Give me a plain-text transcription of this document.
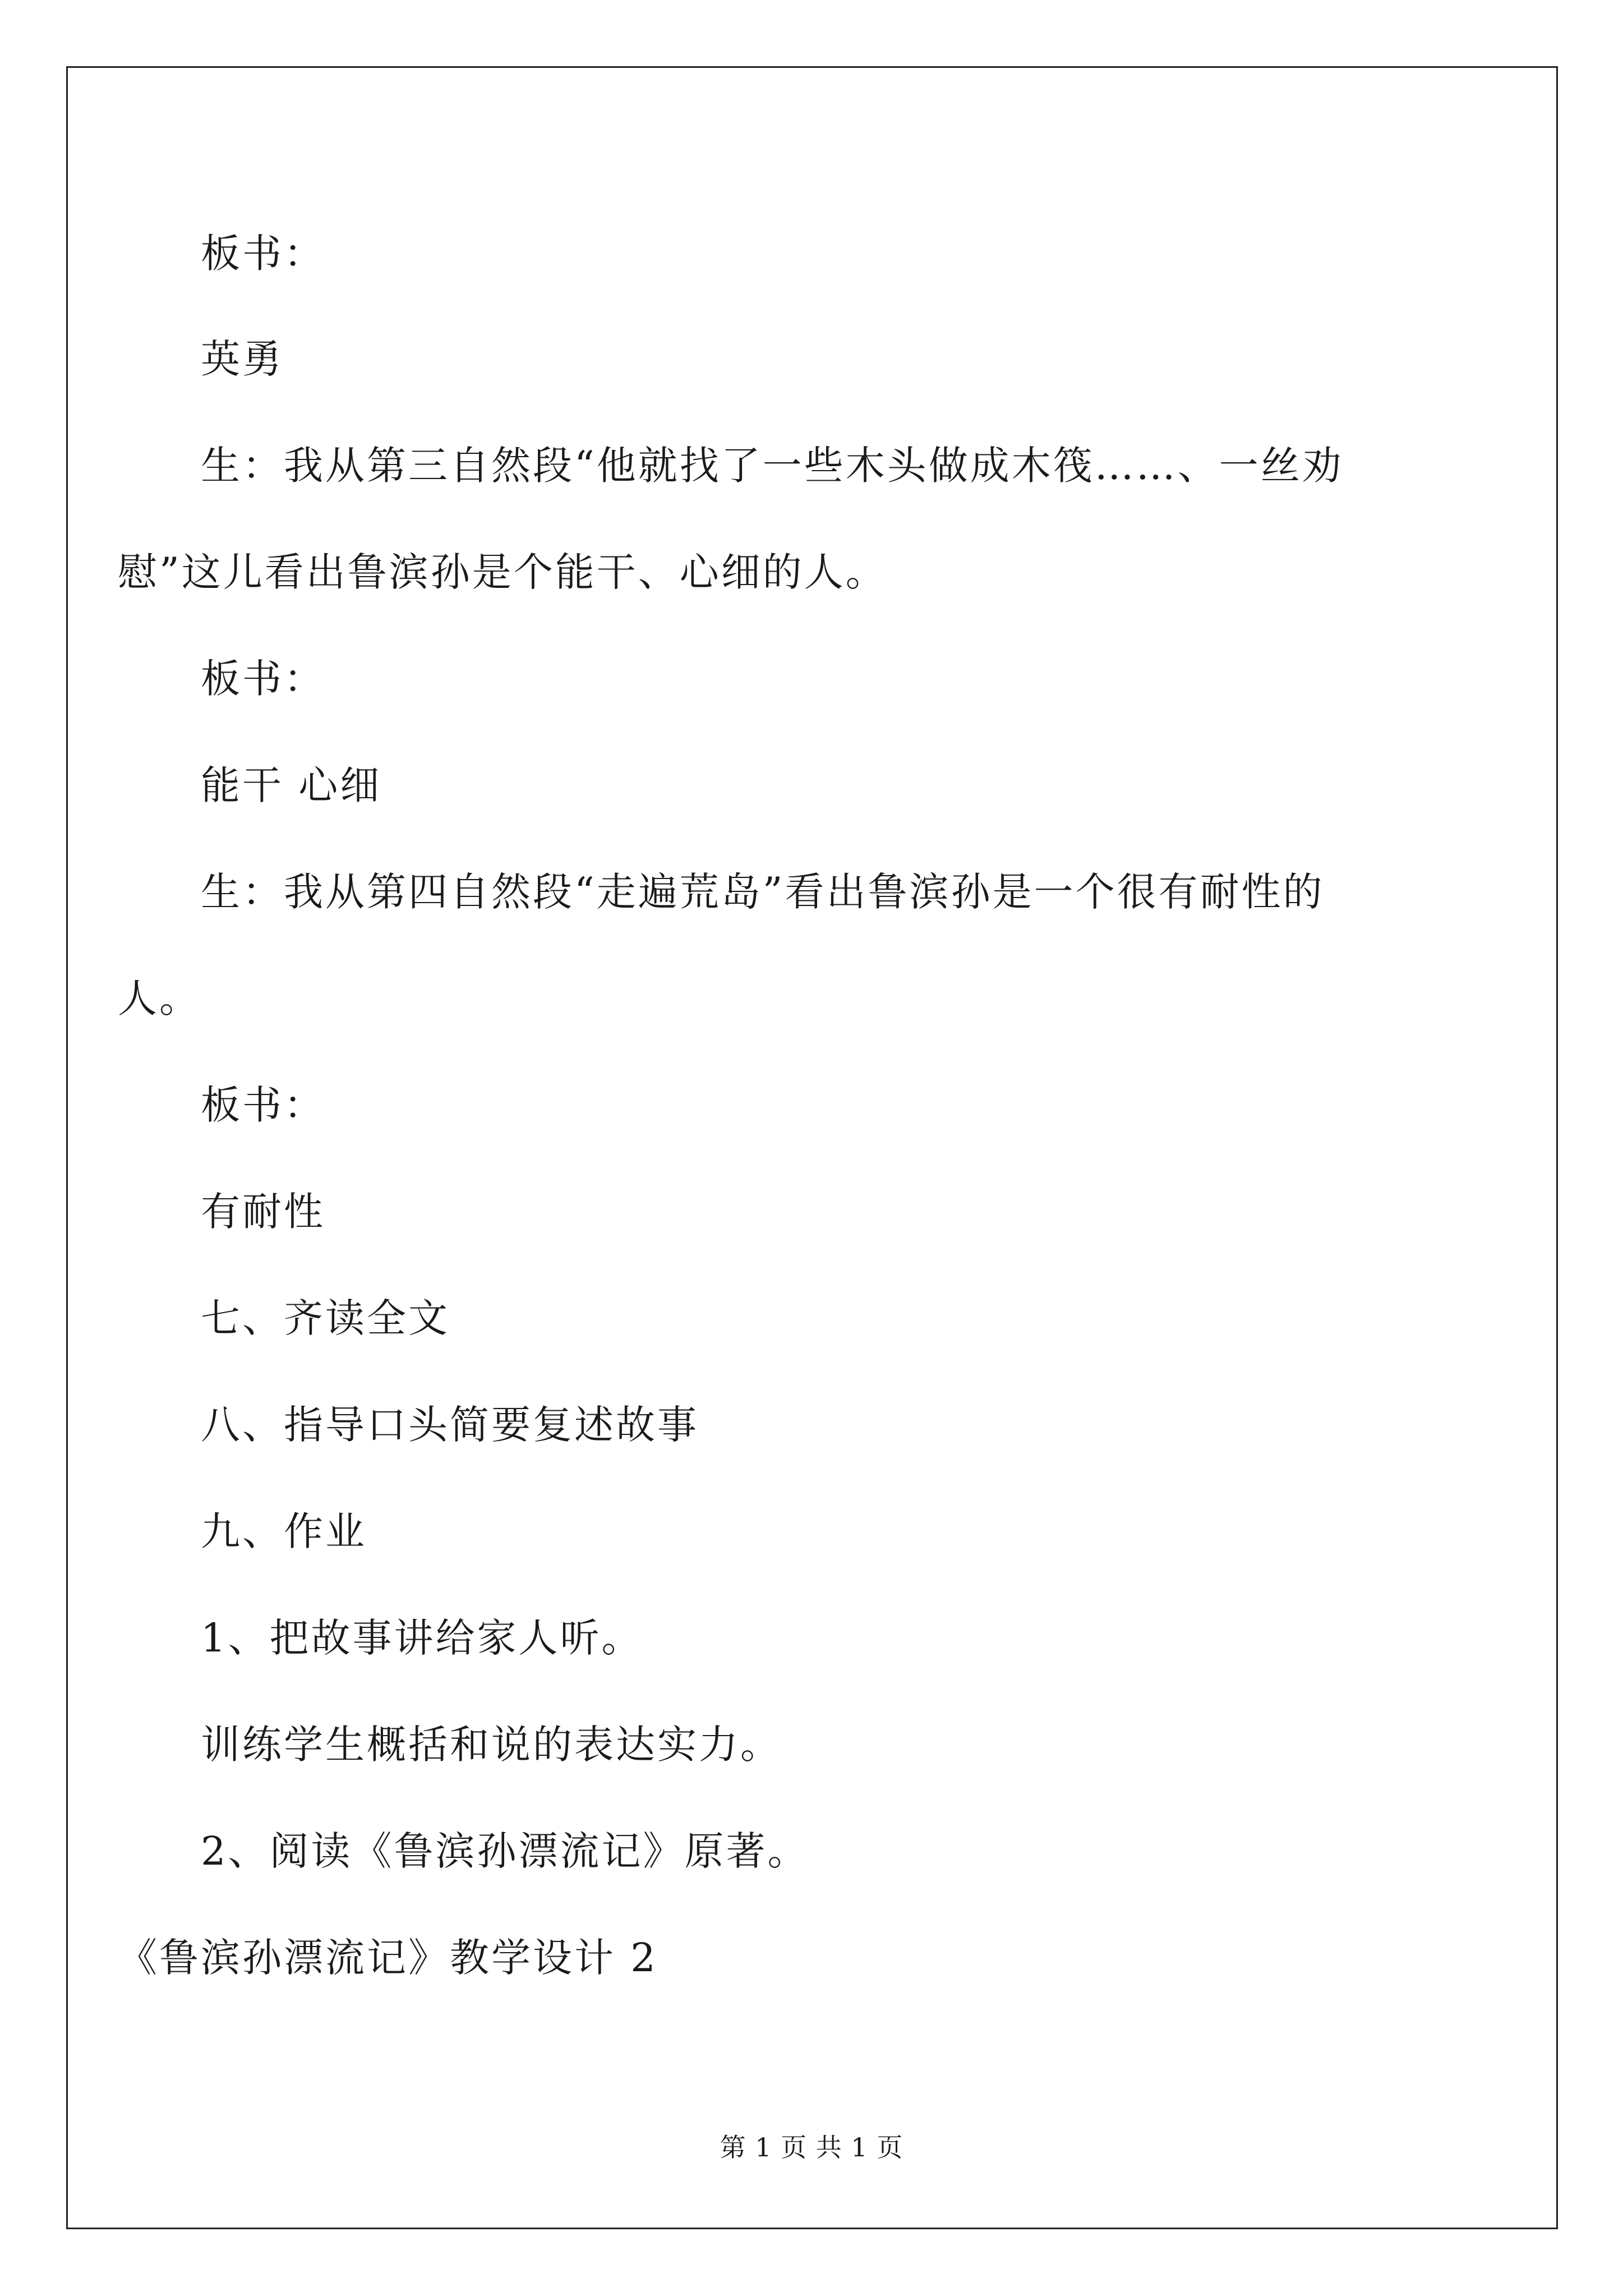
板书：
英勇
生：我从第三自然段“他就找了一些木头做成木筏……、一丝劝
慰”这儿看出鲁滨孙是个能干、心细的人。
板书：
能干 心细
生：我从第四自然段“走遍荒岛”看出鲁滨孙是一个很有耐性的
人。
板书：
有耐性
七、齐读全文
八、指导口头简要复述故事
九、作业
1、把故事讲给家人听。
训练学生概括和说的表达实力。
2、阅读《鲁滨孙漂流记》原著。
《鲁滨孙漂流记》教学设计 2
第 1 页 共 1 页
